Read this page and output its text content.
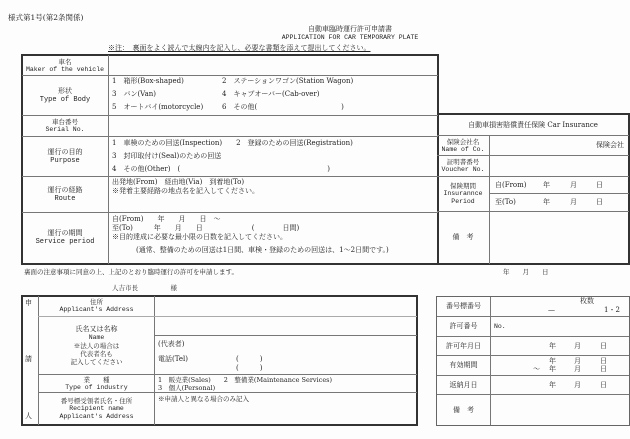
様式第1号(第2条関係)
自動車臨時運行許可申請書
APPLICATION FOR CAR TEMPORARY PLATE
※注：　裏面をよく読んで太線内を記入し、必要な書類を添えて提出してください。
車名
Maker of the vehicle
形状
Type of Body
1　箱形(Box-shaped)	2　ステーションワゴン(Station Wagon)
3　バン(Van)	4　キャブオーバー(Cab-over)
5　オートバイ(motorcycle)	6　その他(　　　　　　　　　　　　)
車台番号
Serial No.
運行の目的
Purpose
1　車検のための回送(Inspection)　　2　登録のための回送(Registration)
3　封印取付け(Seal)のための回送
4　その他(Other)　(　　　　　　　　　　　　　　　　　　　　　)
運行の経路
Route
出発地(From)　経由地(Via)　到着地(To)
※発着主要経路の地点名を記入してください。
運行の期間
Service period
自(From)　　年　　月　　日　～
至(To)　　　年　　月　　日　　　　　　　(　　　　日間)
※目的達成に必要な最小限の日数を記入してください。
(通常、整備のための回送は1日間、車検・登録のための回送は、1～2日間です。)
自動車損害賠償責任保険 Car Insurance
保険会社名
Name of Co.	保険会社
証明書番号
Voucher No.
保険期間
Insurannce
Period
自(From) 年	月	日
至(To)	年	月	日
備　考
裏面の注意事項に同意の上、上記のとおり臨時運行の許可を申請します。	年　　月　　日
人吉市長　　　　　様
申
請
人
住所
Applicant's Address
氏名又は名称
Name
※法人の場合は
代表者名も
記入してください
(代表者)
電話(Tel)	(　　　)
(　　　)
業　　種
Type of industry
1　販売業(Sales)　　2　整備業(Maintenance Services)
3　個人(Personal)
番号標受領者氏名・住所
Recipient name
Applicant's Address
※申請人と異なる場合のみ記入
番号標番号
枚数
—	1・2
許可番号	No.
許可年月日	年	月	日
有効期間	年	月	日
～ 年	月	日
返納月日	年	月	日
備　考
